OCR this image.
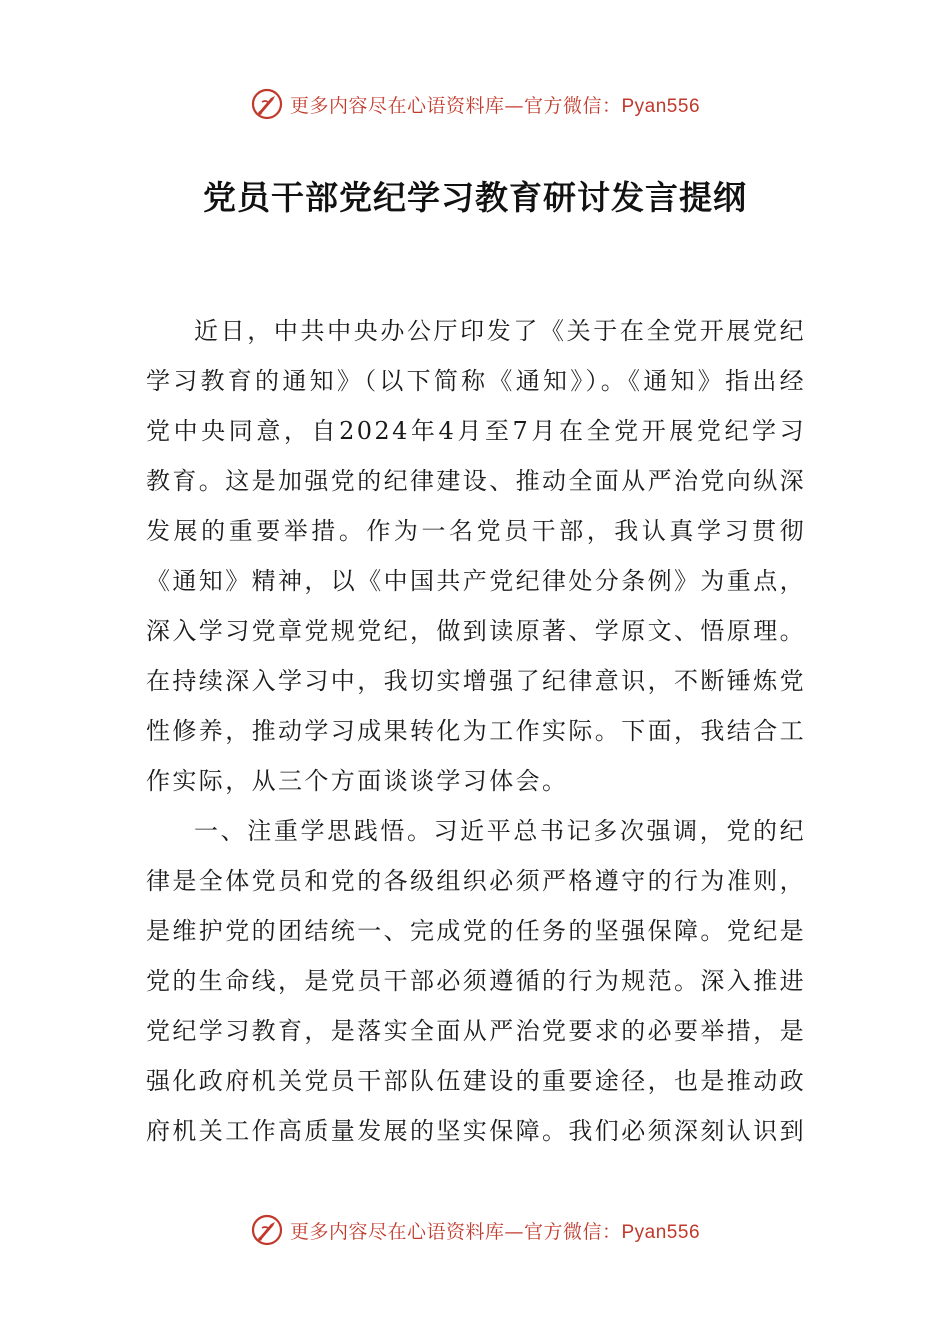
更多内容尽在心语资料库—官方微信：Pyan556
党员干部党纪学习教育研讨发言提纲

近日，中共中央办公厅印发了《关于在全党开展党纪学习教育的通知》（以下简称《通知》）。《通知》指出经党中央同意，自2024年4月至7月在全党开展党纪学习教育。这是加强党的纪律建设、推动全面从严治党向纵深发展的重要举措。作为一名党员干部，我认真学习贯彻《通知》精神，以《中国共产党纪律处分条例》为重点，深入学习党章党规党纪，做到读原著、学原文、悟原理。在持续深入学习中，我切实增强了纪律意识，不断锤炼党性修养，推动学习成果转化为工作实际。下面，我结合工作实际，从三个方面谈谈学习体会。

一、注重学思践悟。习近平总书记多次强调，党的纪律是全体党员和党的各级组织必须严格遵守的行为准则，是维护党的团结统一、完成党的任务的坚强保障。党纪是党的生命线，是党员干部必须遵循的行为规范。深入推进党纪学习教育，是落实全面从严治党要求的必要举措，是强化政府机关党员干部队伍建设的重要途径，也是推动政府机关工作高质量发展的坚实保障。我们必须深刻认识到

更多内容尽在心语资料库—官方微信：Pyan556
